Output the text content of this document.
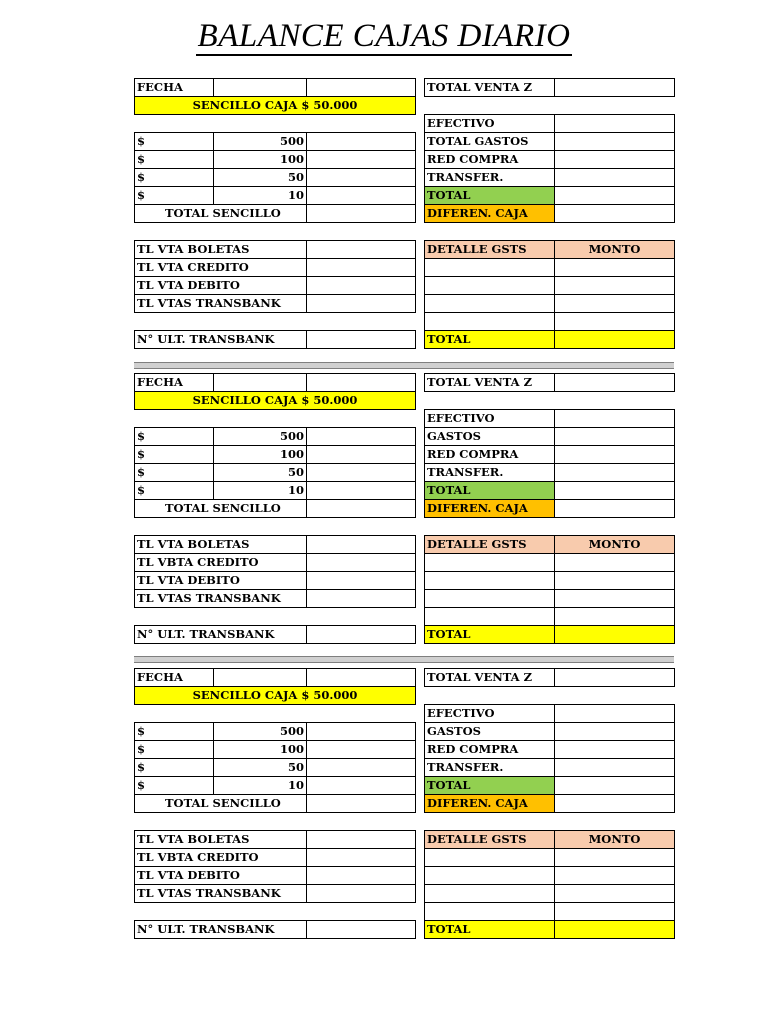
BALANCE CAJAS DIARIO
FECHA		
SENCILLO CAJA $ 50.000		

$	500	
$	100	
$	50	
$	10	
TOTAL SENCILLO		

TL VTA BOLETAS		
TL VTA CREDITO		
TL VTA DEBITO		
TL VTAS TRANSBANK		

N° ULT. TRANSBANK		
TOTAL VENTA Z	

EFECTIVO	
TOTAL GASTOS	
RED COMPRA	
TRANSFER.	
TOTAL	
DIFEREN. CAJA	

DETALLE GSTS	MONTO

TOTAL	
FECHA		
SENCILLO CAJA $ 50.000		

$	500	
$	100	
$	50	
$	10	
TOTAL SENCILLO		

TL VTA BOLETAS		
TL VBTA CREDITO		
TL VTA DEBITO		
TL VTAS TRANSBANK		

N° ULT. TRANSBANK		
TOTAL VENTA Z	

EFECTIVO	
GASTOS	
RED COMPRA	
TRANSFER.	
TOTAL	
DIFEREN. CAJA	

DETALLE GSTS	MONTO

TOTAL	
FECHA		
SENCILLO CAJA $ 50.000		

$	500	
$	100	
$	50	
$	10	
TOTAL SENCILLO		

TL VTA BOLETAS		
TL VBTA CREDITO		
TL VTA DEBITO		
TL VTAS TRANSBANK		

N° ULT. TRANSBANK		
TOTAL VENTA Z	

EFECTIVO	
GASTOS	
RED COMPRA	
TRANSFER.	
TOTAL	
DIFEREN. CAJA	

DETALLE GSTS	MONTO

TOTAL	
